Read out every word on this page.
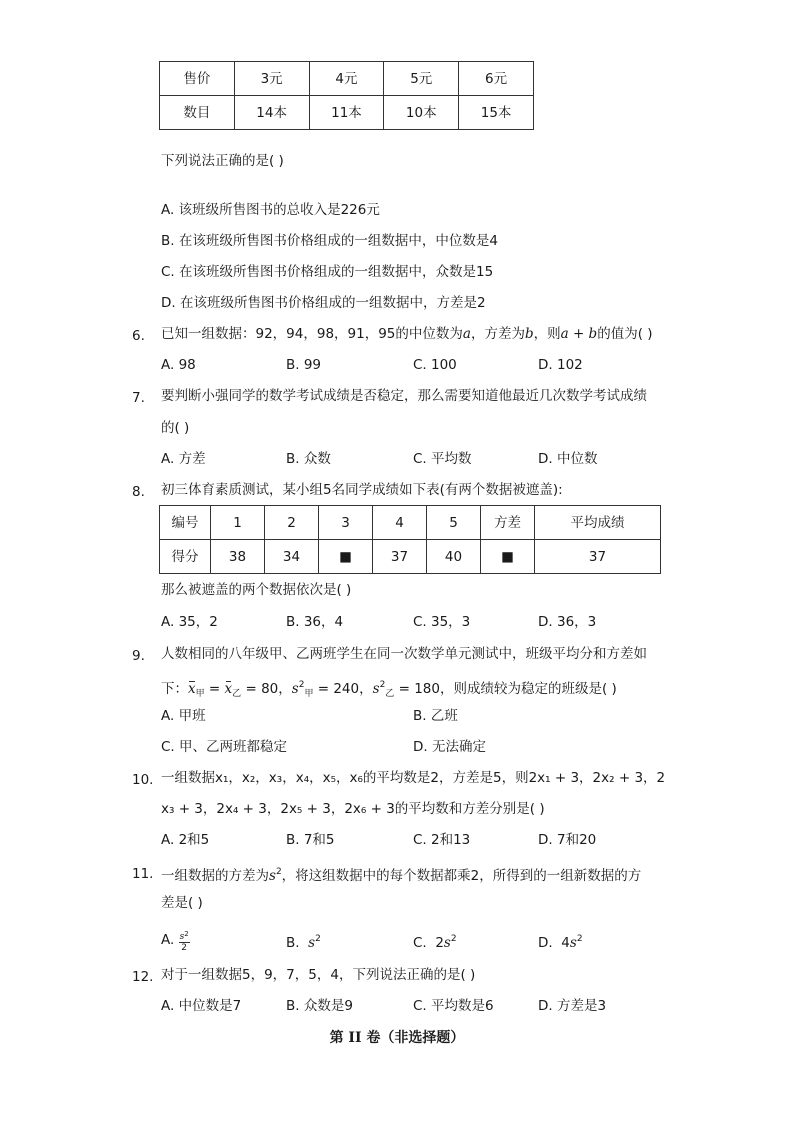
售价	3元	4元	5元	6元
数目	14本	11本	10本	15本
下列说法正确的是( )
A. 该班级所售图书的总收入是226元
B. 在该班级所售图书价格组成的一组数据中，中位数是4
C. 在该班级所售图书价格组成的一组数据中，众数是15
D. 在该班级所售图书价格组成的一组数据中，方差是2
6. 已知一组数据：92，94，98，91，95的中位数为a，方差为b，则a + b的值为( )
A. 98	B. 99	C. 100	D. 102
7. 要判断小强同学的数学考试成绩是否稳定，那么需要知道他最近几次数学考试成绩
的( )
A. 方差	B. 众数	C. 平均数	D. 中位数
8. 初三体育素质测试，某小组5名同学成绩如下表(有两个数据被遮盖):
编号	1	2	3	4	5	方差	平均成绩
得分	38	34	■	37	40	■	37
那么被遮盖的两个数据依次是( )
A. 35，2	B. 36，4	C. 35，3	D. 36，3
9. 人数相同的八年级甲、乙两班学生在同一次数学单元测试中，班级平均分和方差如
下：$x_甲 = x_乙 = 80$，$s^2_甲 = 240$，$s^2_乙 = 180$，则成绩较为稳定的班级是( )
A. 甲班	B. 乙班
C. 甲、乙两班都稳定	D. 无法确定
10. 一组数据x₁，x₂，x₃，x₄，x₅，x₆的平均数是2，方差是5，则2x₁ + 3，2x₂ + 3，2
x₃ + 3，2x₄ + 3，2x₅ + 3，2x₆ + 3的平均数和方差分别是( )
A. 2和5	B. 7和5	C. 2和13	D. 7和20
11. 一组数据的方差为$s^2$，将这组数据中的每个数据都乘2，所得到的一组新数据的方
差是( )
A. $\frac{s^2}{2}$	B. $s^2$	C. $2s^2$	D. $4s^2$
12. 对于一组数据5，9，7，5，4，下列说法正确的是( )
A. 中位数是7	B. 众数是9	C. 平均数是6	D. 方差是3
第 II 卷（非选择题）
